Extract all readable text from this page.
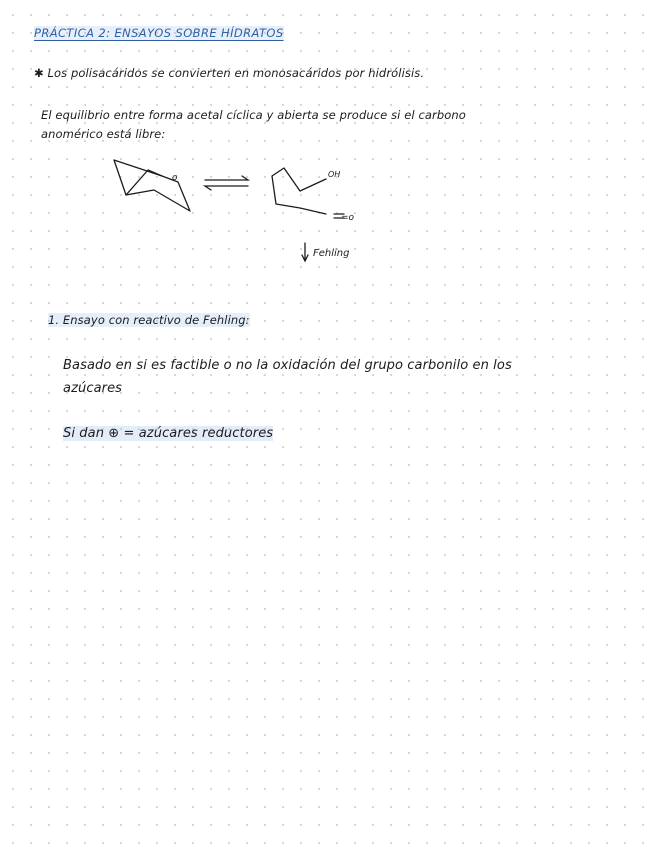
PRÁCTICA 2: ENSAYOS SOBRE HÍDRATOS
✱ Los polisacáridos se convierten en monosacáridos por hidrólisis.
El equilibrio entre forma acetal cíclica y abierta se produce si el carbono
anomérico está libre:
o	OH
=o
Fehling
1. Ensayo con reactivo de Fehling:
Basado en si es factible o no la oxidación del grupo carbonilo en los
azúcares
Si dan ⊕ = azúcares reductores
